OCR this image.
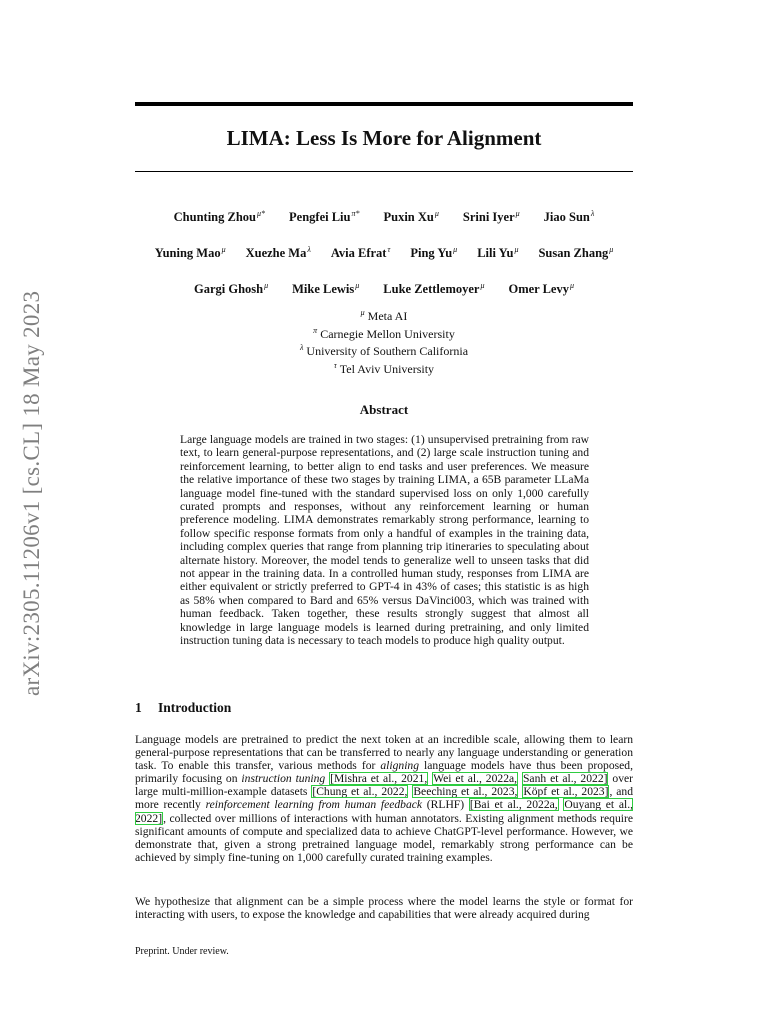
arXiv:2305.11206v1 [cs.CL] 18 May 2023
LIMA: Less Is More for Alignment
Chunting Zhou$^{\mu*}$ Pengfei Liu$^{\pi*}$ Puxin $Xu^\mu$ Srini Iyer$^\mu$ Jiao Sun$^\lambda$
Yuning Mao$^\mu$ Xuezhe $Ma^\lambda$ Avia Efrat$^\tau$ Ping $Yu^\mu$ Lili $Yu^\mu$ Susan Zhang$^\mu$
Gargi Ghosh$^\mu$ Mike Lewis$^\mu$ Luke Zettlemoyer$^\mu$ Omer Levy$^\mu$
$^\mu$ Meta AI
$^\pi$ Carnegie Mellon University
$^\lambda$ University of Southern California
$^\tau$ Tel Aviv University
Abstract
Large language models are trained in two stages: (1) unsupervised pretraining from raw text, to learn general-purpose representations, and (2) large scale instruction tuning and reinforcement learning, to better align to end tasks and user preferences. We measure the relative importance of these two stages by training LIMA, a 65B parameter LLaMa language model fine-tuned with the standard supervised loss on only 1,000 carefully curated prompts and responses, without any reinforcement learning or human preference modeling. LIMA demonstrates remarkably strong performance, learning to follow specific response formats from only a handful of examples in the training data, including complex queries that range from planning trip itineraries to speculating about alternate history. Moreover, the model tends to generalize well to unseen tasks that did not appear in the training data. In a controlled human study, responses from LIMA are either equivalent or strictly preferred to GPT-4 in 43% of cases; this statistic is as high as 58% when compared to Bard and 65% versus DaVinci003, which was trained with human feedback. Taken together, these results strongly suggest that almost all knowledge in large language models is learned during pretraining, and only limited instruction tuning data is necessary to teach models to produce high quality output.
1 Introduction
Language models are pretrained to predict the next token at an incredible scale, allowing them to learn general-purpose representations that can be transferred to nearly any language understanding or generation task. To enable this transfer, various methods for aligning language models have thus been proposed, primarily focusing on instruction tuning [Mishra et al., 2021, Wei et al., 2022a, Sanh et al., 2022] over large multi-million-example datasets [Chung et al., 2022, Beeching et al., 2023, Köpf et al., 2023], and more recently reinforcement learning from human feedback (RLHF) [Bai et al., 2022a, Ouyang et al., 2022], collected over millions of interactions with human annotators. Existing alignment methods require significant amounts of compute and specialized data to achieve ChatGPT-level performance. However, we demonstrate that, given a strong pretrained language model, remarkably strong performance can be achieved by simply fine-tuning on 1,000 carefully curated training examples.
We hypothesize that alignment can be a simple process where the model learns the style or format for interacting with users, to expose the knowledge and capabilities that were already acquired during
Preprint. Under review.
